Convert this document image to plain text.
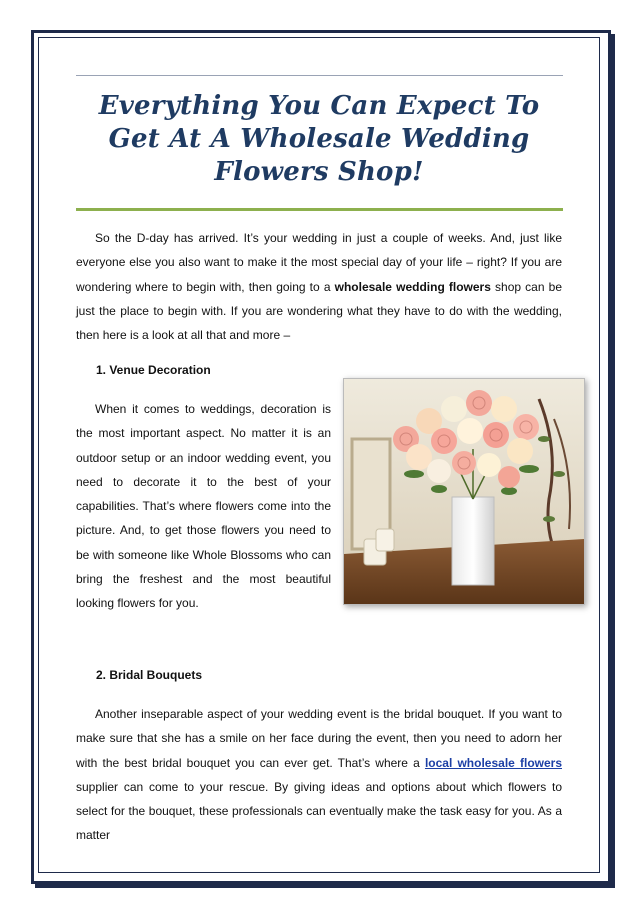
Everything You Can Expect To Get At A Wholesale Wedding Flowers Shop!

So the D-day has arrived. It’s your wedding in just a couple of weeks. And, just like everyone else you also want to make it the most special day of your life – right? If you are wondering where to begin with, then going to a wholesale wedding flowers shop can be just the place to begin with. If you are wondering what they have to do with the wedding, then here is a look at all that and more –

1. Venue Decoration

When it comes to weddings, decoration is the most important aspect. No matter it is an outdoor setup or an indoor wedding event, you need to decorate it to the best of your capabilities. That’s where flowers come into the picture. And, to get those flowers you need to be with someone like Whole Blossoms who can bring the freshest and the most beautiful looking flowers for you.

2. Bridal Bouquets

Another inseparable aspect of your wedding event is the bridal bouquet. If you want to make sure that she has a smile on her face during the event, then you need to adorn her with the best bridal bouquet you can ever get. That’s where a local wholesale flowers supplier can come to your rescue. By giving ideas and options about which flowers to select for the bouquet, these professionals can eventually make the task easy for you. As a matter
